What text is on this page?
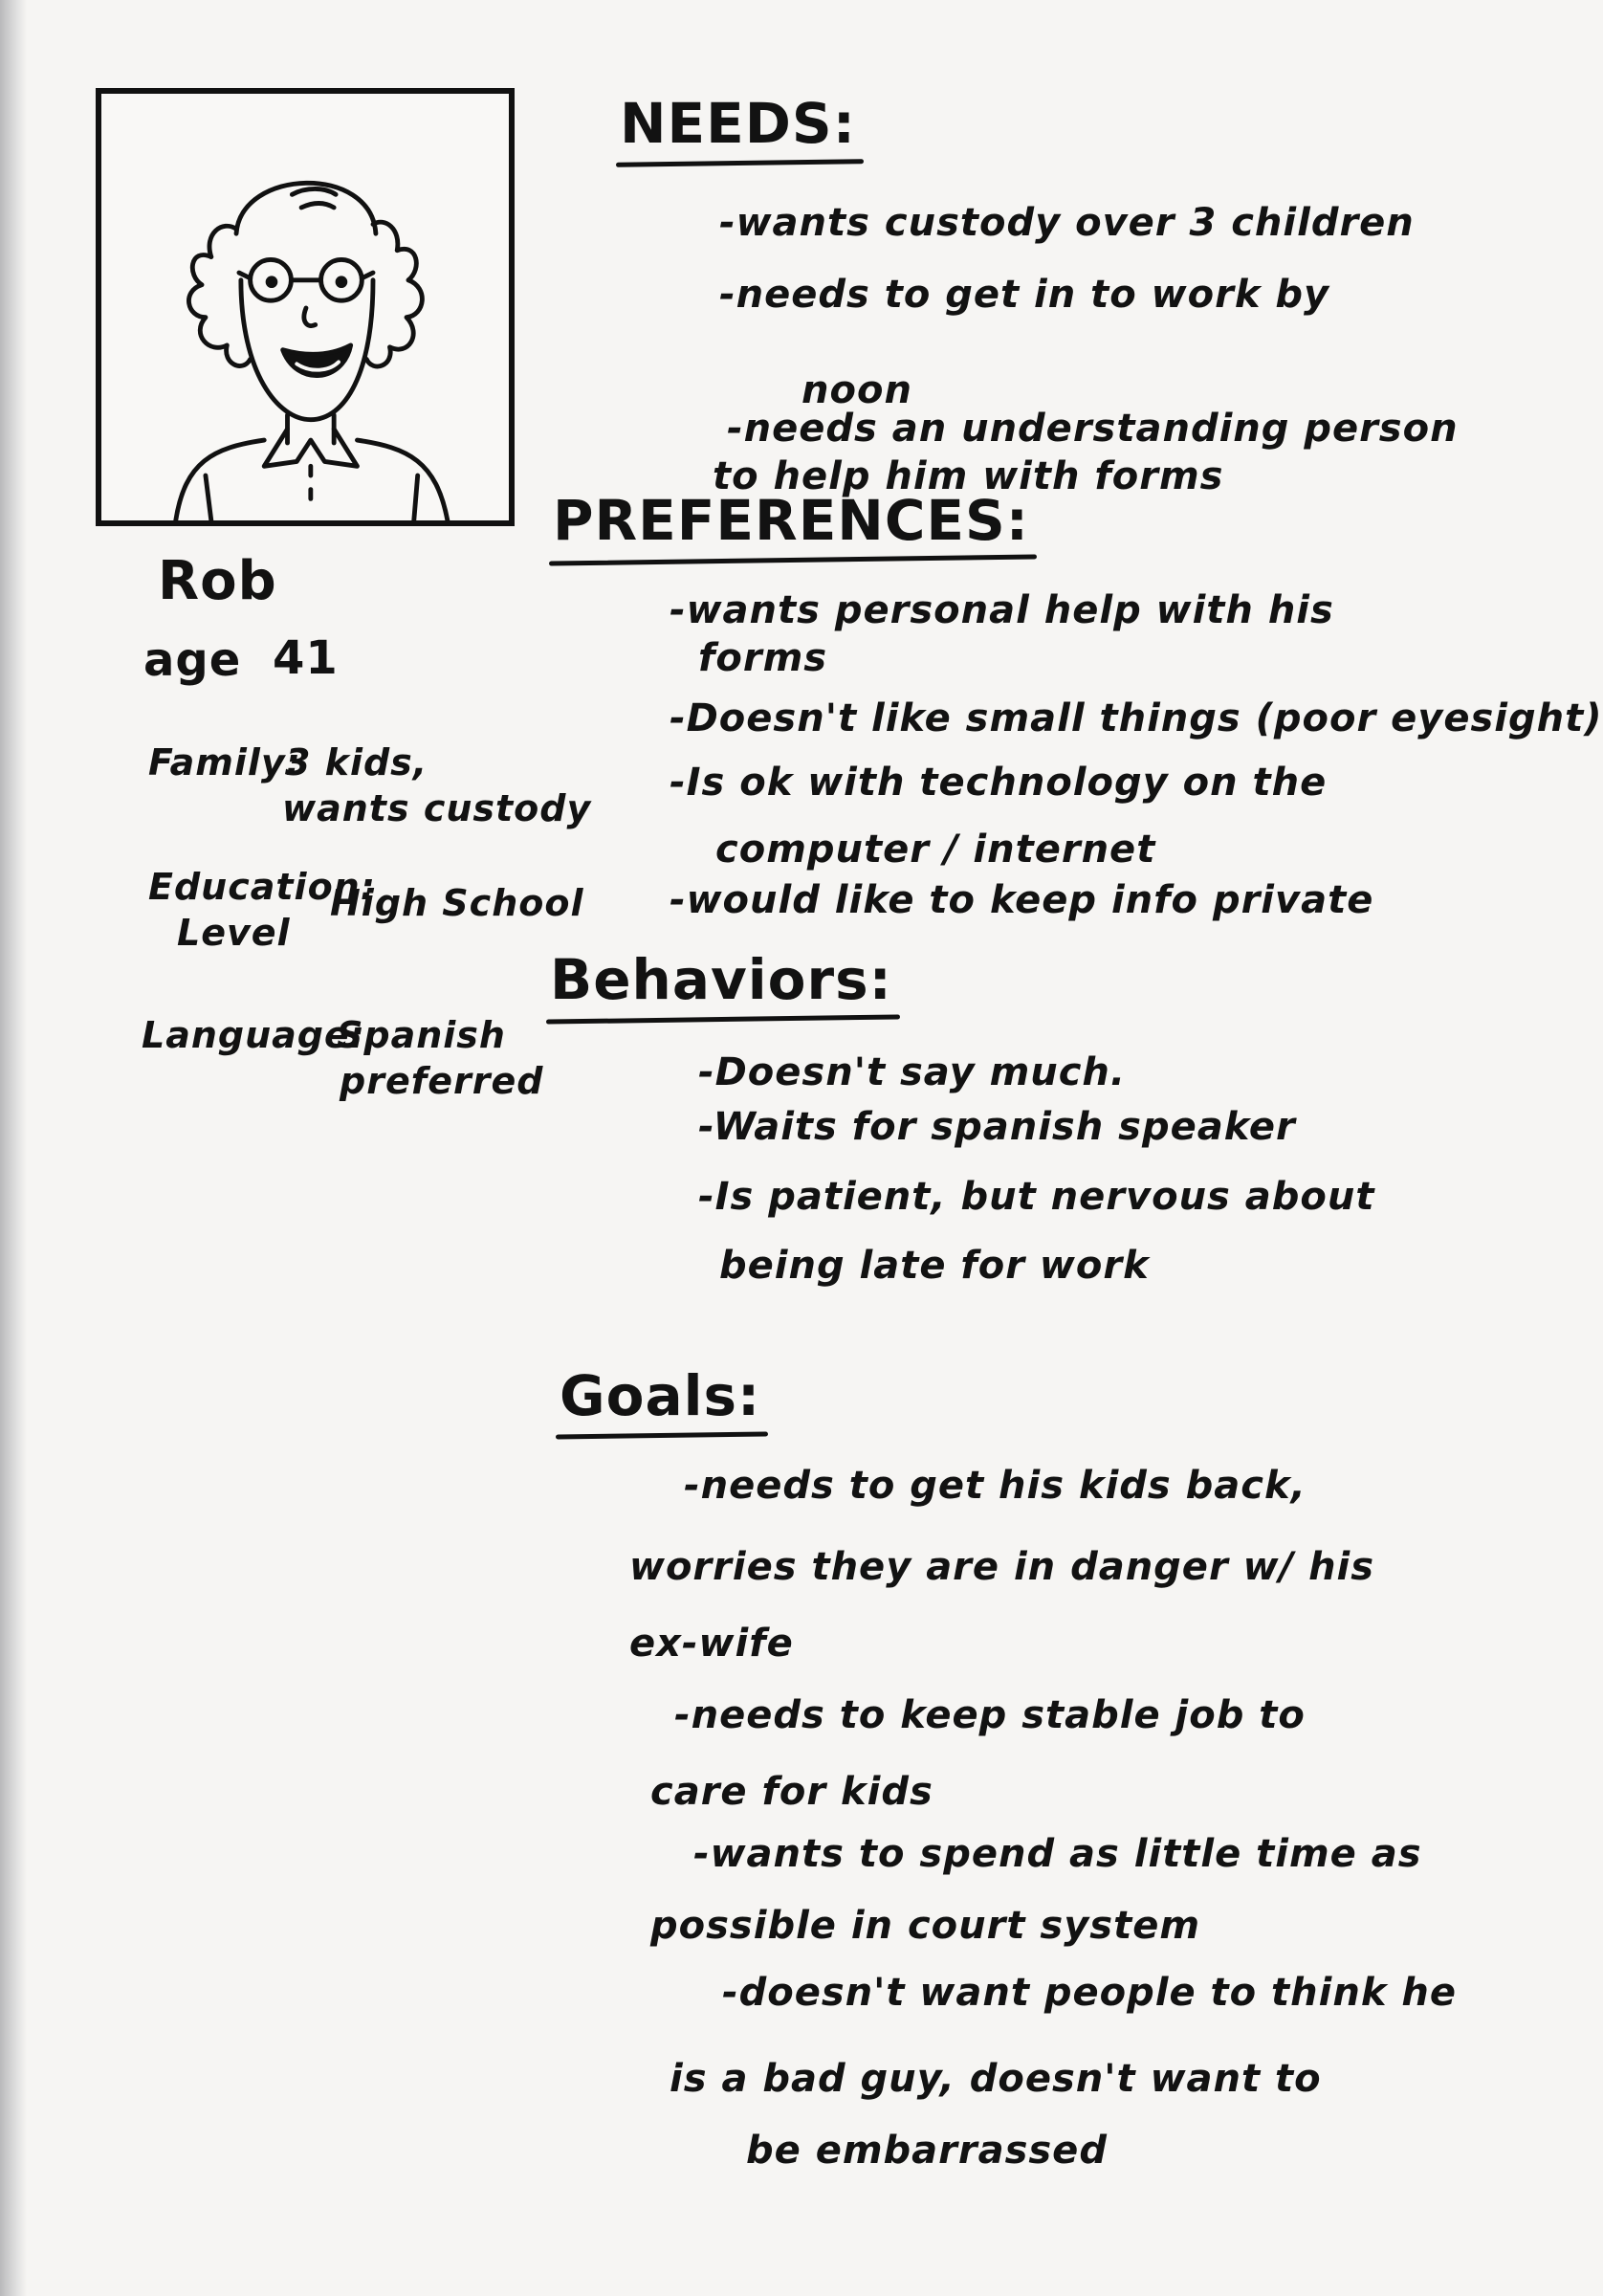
Rob
age 41
Family:
3 kids,
wants custody
Education:
Level
High School
Language:
Spanish
preferred
NEEDS:
-wants custody over 3 children
-needs to get in to work by
noon
-needs an understanding person
to help him with forms
PREFERENCES:
-wants personal help with his
forms
-Doesn't like small things (poor eyesight)
-Is ok with technology on the
computer / internet
-would like to keep info private
Behaviors:
-Doesn't say much.
-Waits for spanish speaker
-Is patient, but nervous about
being late for work
Goals:
-needs to get his kids back,
worries they are in danger w/ his
ex-wife
-needs to keep stable job to
care for kids
-wants to spend as little time as
possible in court system
-doesn't want people to think he
is a bad guy, doesn't want to
be embarrassed
